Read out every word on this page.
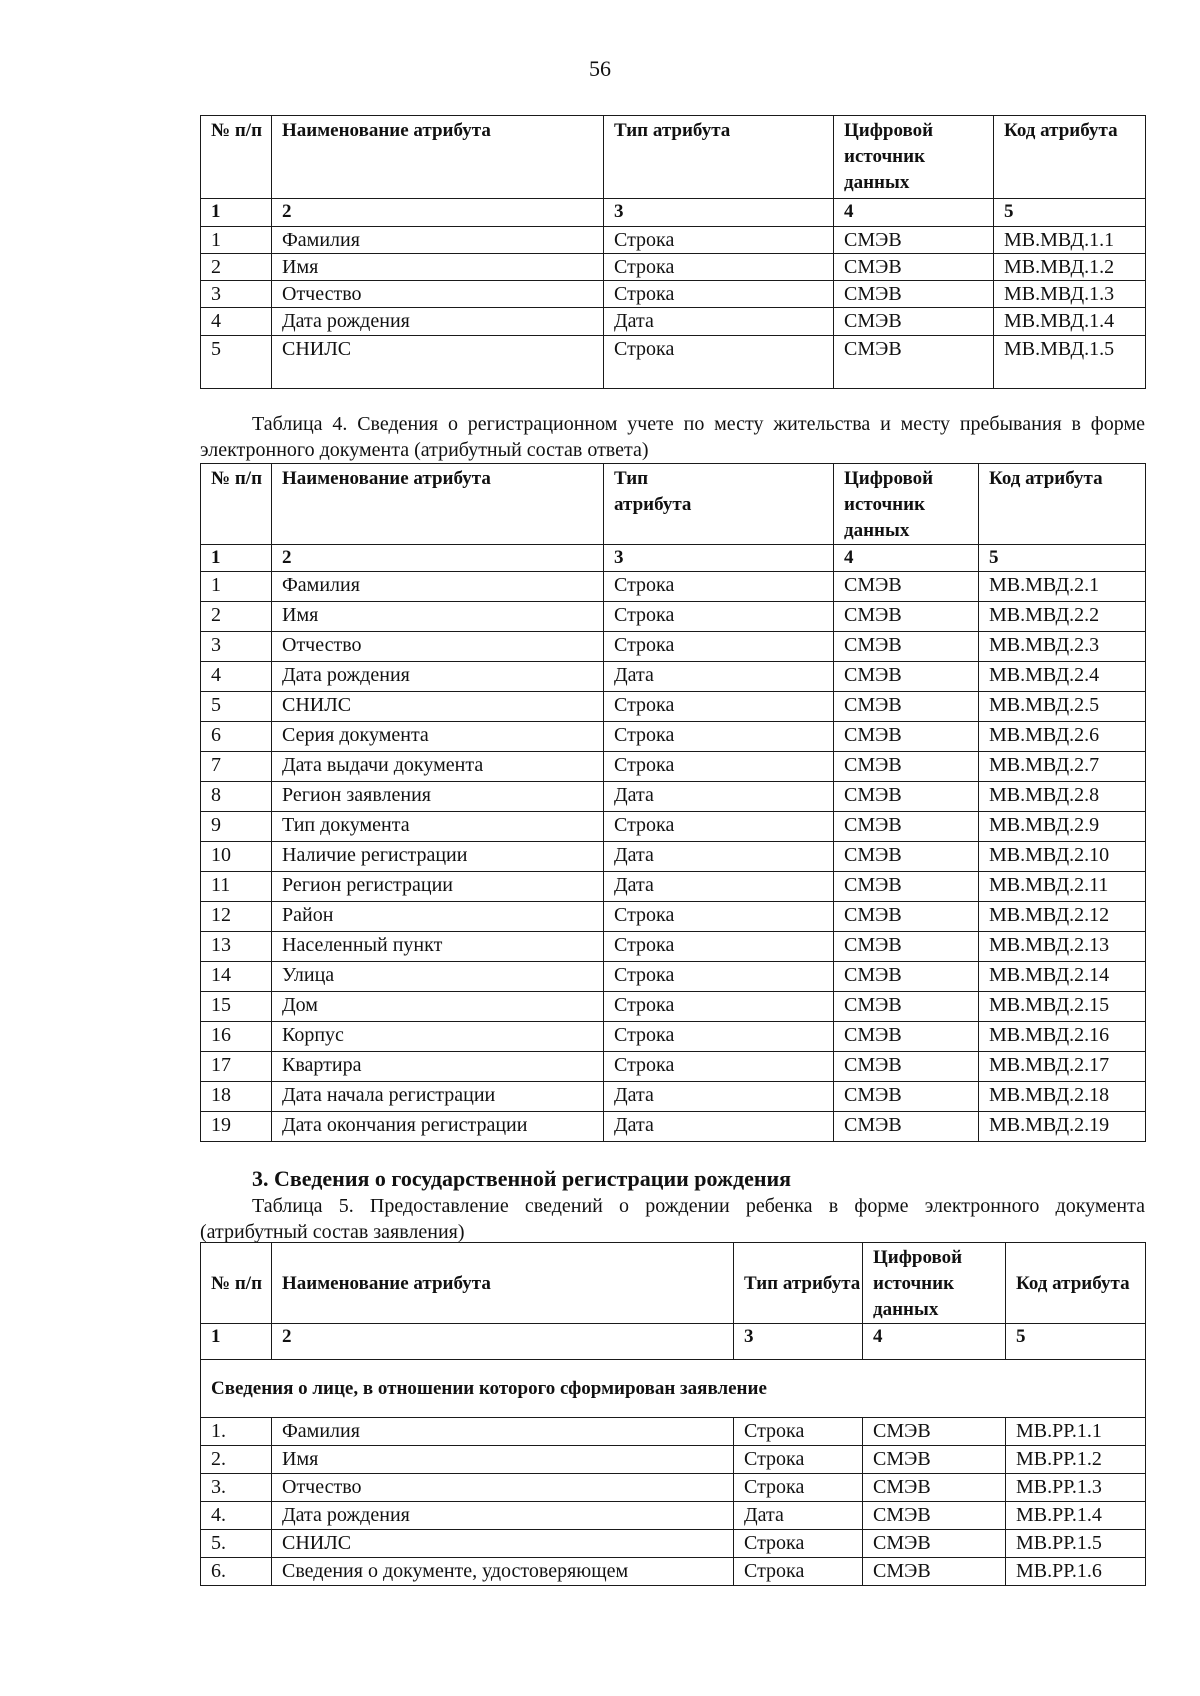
56
№ п/п	Наименование атрибута	Тип атрибута	Цифровой источник данных	Код атрибута
1	2	3	4	5
1	Фамилия	Строка	СМЭВ	МВ.МВД.1.1
2	Имя	Строка	СМЭВ	МВ.МВД.1.2
3	Отчество	Строка	СМЭВ	МВ.МВД.1.3
4	Дата рождения	Дата	СМЭВ	МВ.МВД.1.4
5	СНИЛС	Строка	СМЭВ	МВ.МВД.1.5
Таблица 4. Сведения о регистрационном учете по месту жительства и месту пребывания в форме электронного документа (атрибутный состав ответа)
№ п/п	Наименование атрибута	Тип атрибута	Цифровой источник данных	Код атрибута
1	2	3	4	5
1	Фамилия	Строка	СМЭВ	МВ.МВД.2.1
2	Имя	Строка	СМЭВ	МВ.МВД.2.2
3	Отчество	Строка	СМЭВ	МВ.МВД.2.3
4	Дата рождения	Дата	СМЭВ	МВ.МВД.2.4
5	СНИЛС	Строка	СМЭВ	МВ.МВД.2.5
6	Серия документа	Строка	СМЭВ	МВ.МВД.2.6
7	Дата выдачи документа	Строка	СМЭВ	МВ.МВД.2.7
8	Регион заявления	Дата	СМЭВ	МВ.МВД.2.8
9	Тип документа	Строка	СМЭВ	МВ.МВД.2.9
10	Наличие регистрации	Дата	СМЭВ	МВ.МВД.2.10
11	Регион регистрации	Дата	СМЭВ	МВ.МВД.2.11
12	Район	Строка	СМЭВ	МВ.МВД.2.12
13	Населенный пункт	Строка	СМЭВ	МВ.МВД.2.13
14	Улица	Строка	СМЭВ	МВ.МВД.2.14
15	Дом	Строка	СМЭВ	МВ.МВД.2.15
16	Корпус	Строка	СМЭВ	МВ.МВД.2.16
17	Квартира	Строка	СМЭВ	МВ.МВД.2.17
18	Дата начала регистрации	Дата	СМЭВ	МВ.МВД.2.18
19	Дата окончания регистрации	Дата	СМЭВ	МВ.МВД.2.19
3. Сведения о государственной регистрации рождения
Таблица 5. Предоставление сведений о рождении ребенка в форме электронного документа (атрибутный состав заявления)
№ п/п	Наименование атрибута	Тип атрибута	Цифровой источник данных	Код атрибута
1	2	3	4	5
Сведения о лице, в отношении которого сформирован заявление				
1.	Фамилия	Строка	СМЭВ	МВ.РР.1.1
2.	Имя	Строка	СМЭВ	МВ.РР.1.2
3.	Отчество	Строка	СМЭВ	МВ.РР.1.3
4.	Дата рождения	Дата	СМЭВ	МВ.РР.1.4
5.	СНИЛС	Строка	СМЭВ	МВ.РР.1.5
6.	Сведения о документе, удостоверяющем	Строка	СМЭВ	МВ.РР.1.6
